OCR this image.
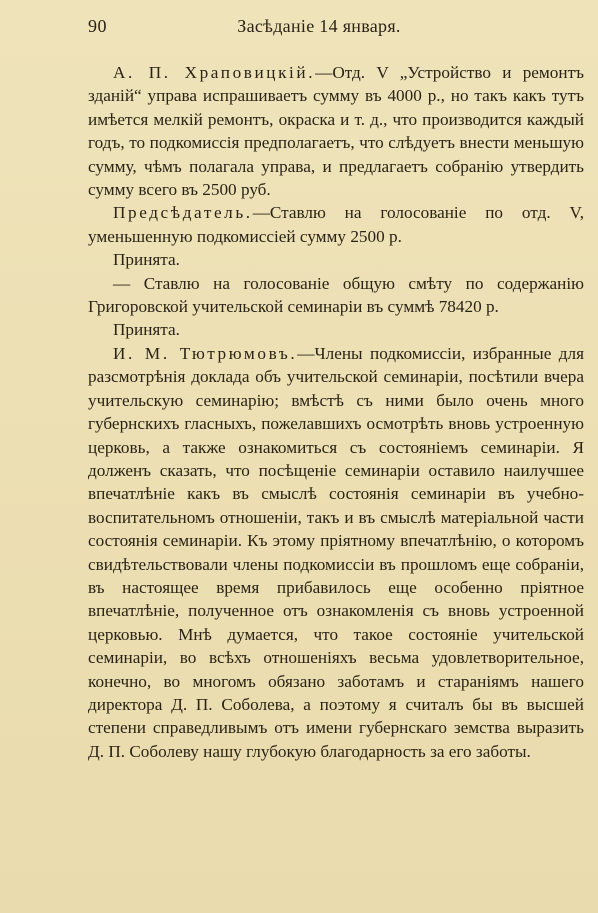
90	Засѣданіе 14 января.

А. П. Храповицкій.—Отд. V „Устройство и ремонтъ зданій“ управа испрашиваетъ сумму въ 4000 р., но такъ какъ тутъ имѣется мелкій ремонтъ, окраска и т. д., что производится каждый годъ, то подкомиссія предполагаетъ, что слѣдуетъ внести меньшую сумму, чѣмъ полагала управа, и предлагаетъ собранію утвердить сумму всего въ 2500 руб.

Предсѣдатель.—Ставлю на голосованіе по отд. V, уменьшенную подкомиссіей сумму 2500 р.

Принята.

— Ставлю на голосованіе общую смѣту по содержанію Григоровской учительской семинаріи въ суммѣ 78420 р.

Принята.

И. М. Тютрюмовъ.—Члены подкомиссіи, избранные для разсмотрѣнія доклада объ учительской семинаріи, посѣтили вчера учительскую семинарію; вмѣстѣ съ ними было очень много губернскихъ гласныхъ, пожелавшихъ осмотрѣть вновь устроенную церковь, а также ознакомиться съ состояніемъ семинаріи. Я долженъ сказать, что посѣщеніе семинаріи оставило наилучшее впечатлѣніе какъ въ смыслѣ состоянія семинаріи въ учебно-воспитательномъ отношеніи, такъ и въ смыслѣ матеріальной части состоянія семинаріи. Къ этому пріятному впечатлѣнію, о которомъ свидѣтельствовали члены подкомиссіи въ прошломъ еще собраніи, въ настоящее время прибавилось еще особенно пріятное впечатлѣніе, полученное отъ ознакомленія съ вновь устроенной церковью. Мнѣ думается, что такое состояніе учительской семинаріи, во всѣхъ отношеніяхъ весьма удовлетворительное, конечно, во многомъ обязано заботамъ и стараніямъ нашего директора Д. П. Соболева, а поэтому я считалъ бы въ высшей степени справедливымъ отъ имени губернскаго земства выразить Д. П. Соболеву нашу глубокую благодарность за его заботы.
